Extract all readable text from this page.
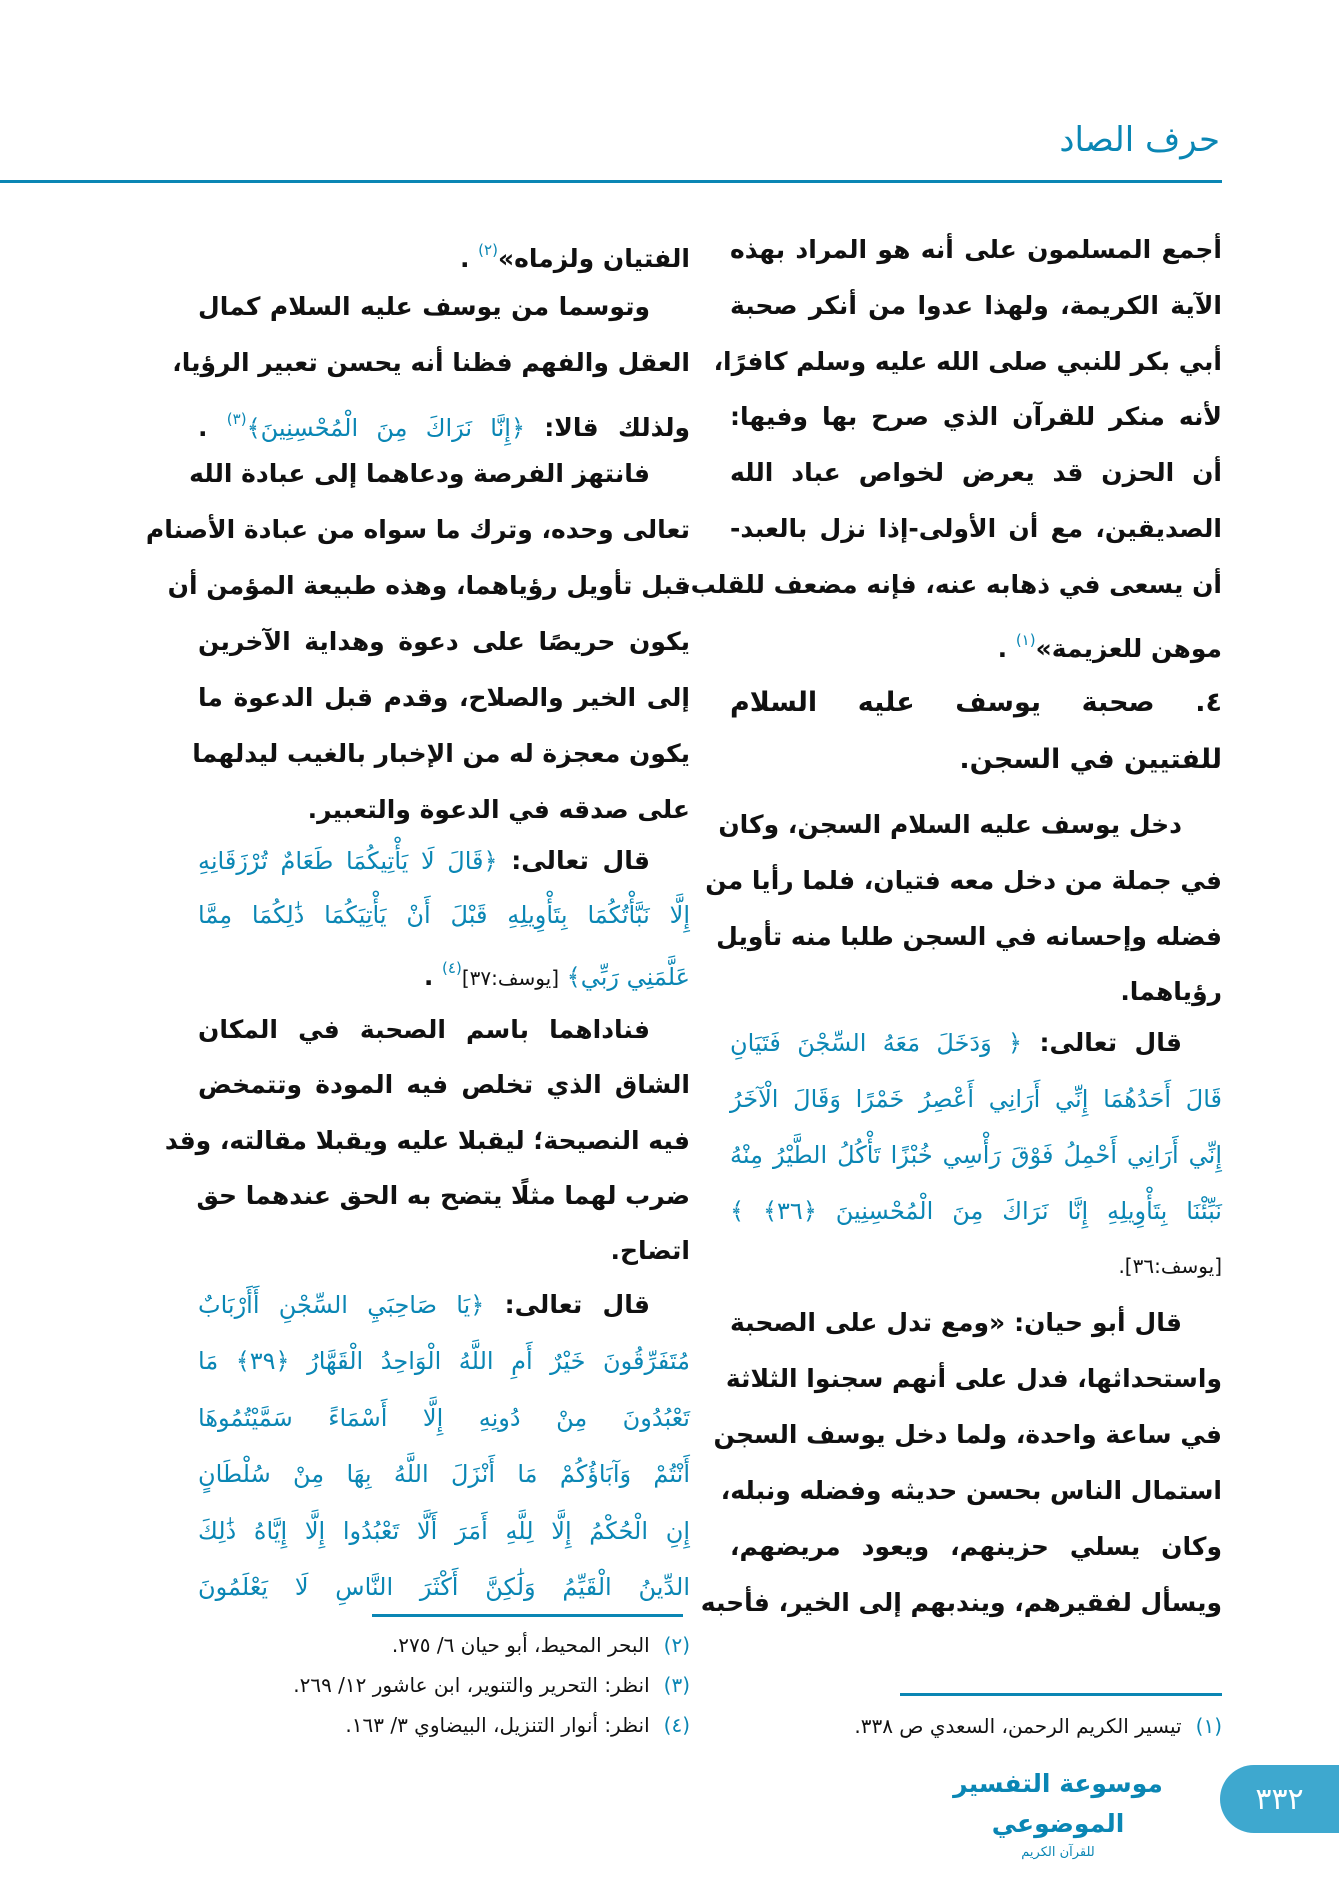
حرف الصاد
أجمع المسلمون على أنه هو المراد بهذه
الآية الكريمة، ولهذا عدوا من أنكر صحبة
أبي بكر للنبي صلى الله عليه وسلم كافرًا،
لأنه منكر للقرآن الذي صرح بها وفيها:
أن الحزن قد يعرض لخواص عباد الله
الصديقين، مع أن الأولى-إذا نزل بالعبد-
أن يسعى في ذهابه عنه، فإنه مضعف للقلب،
موهن للعزيمة»$^{(١)}$ .
٤. صحبة يوسف عليه السلام
للفتيين في السجن.
دخل يوسف عليه السلام السجن، وكان
في جملة من دخل معه فتيان، فلما رأيا من
فضله وإحسانه في السجن طلبا منه تأويل
رؤياهما.
قال تعالى: ﴿ وَدَخَلَ مَعَهُ السِّجْنَ فَتَيَانِ
قَالَ أَحَدُهُمَا إِنِّي أَرَانِي أَعْصِرُ خَمْرًا وَقَالَ الْآخَرُ
إِنِّي أَرَانِي أَحْمِلُ فَوْقَ رَأْسِي خُبْزًا تَأْكُلُ الطَّيْرُ مِنْهُ
نَبِّئْنَا بِتَأْوِيلِهِ إِنَّا نَرَاكَ مِنَ الْمُحْسِنِينَ ﴿٣٦﴾ ﴾
[يوسف:٣٦].
قال أبو حيان: «ومع تدل على الصحبة
واستحداثها، فدل على أنهم سجنوا الثلاثة
في ساعة واحدة، ولما دخل يوسف السجن
استمال الناس بحسن حديثه وفضله ونبله،
وكان يسلي حزينهم، ويعود مريضهم،
ويسأل لفقيرهم، ويندبهم إلى الخير، فأحبه
(١)تيسير الكريم الرحمن، السعدي ص ٣٣٨.
الفتيان ولزماه»$^{(٢)}$ .
وتوسما من يوسف عليه السلام كمال
العقل والفهم فظنا أنه يحسن تعبير الرؤيا،
ولذلك قالا: ﴿إِنَّا نَرَاكَ مِنَ الْمُحْسِنِينَ﴾$^{(٣)}$ .
فانتهز الفرصة ودعاهما إلى عبادة الله
تعالى وحده، وترك ما سواه من عبادة الأصنام
قبل تأويل رؤياهما، وهذه طبيعة المؤمن أن
يكون حريصًا على دعوة وهداية الآخرين
إلى الخير والصلاح، وقدم قبل الدعوة ما
يكون معجزة له من الإخبار بالغيب ليدلهما
على صدقه في الدعوة والتعبير.
قال تعالى: ﴿قَالَ لَا يَأْتِيكُمَا طَعَامٌ تُرْزَقَانِهِ
إِلَّا نَبَّأْتُكُمَا بِتَأْوِيلِهِ قَبْلَ أَنْ يَأْتِيَكُمَا ذَٰلِكُمَا مِمَّا
عَلَّمَنِي رَبِّي﴾ [يوسف:٣٧]$^{(٤)}$ .
فناداهما باسم الصحبة في المكان
الشاق الذي تخلص فيه المودة وتتمخض
فيه النصيحة؛ ليقبلا عليه ويقبلا مقالته، وقد
ضرب لهما مثلًا يتضح به الحق عندهما حق
اتضاح.
قال تعالى: ﴿يَا صَاحِبَيِ السِّجْنِ أَأَرْبَابٌ
مُتَفَرِّقُونَ خَيْرٌ أَمِ اللَّهُ الْوَاحِدُ الْقَهَّارُ ﴿٣٩﴾ مَا
تَعْبُدُونَ مِنْ دُونِهِ إِلَّا أَسْمَاءً سَمَّيْتُمُوهَا
أَنْتُمْ وَآبَاؤُكُمْ مَا أَنْزَلَ اللَّهُ بِهَا مِنْ سُلْطَانٍ
إِنِ الْحُكْمُ إِلَّا لِلَّهِ أَمَرَ أَلَّا تَعْبُدُوا إِلَّا إِيَّاهُ ذَٰلِكَ
الدِّينُ الْقَيِّمُ وَلَٰكِنَّ أَكْثَرَ النَّاسِ لَا يَعْلَمُونَ
(٢)البحر المحيط، أبو حيان ٦/ ٢٧٥.
(٣)انظر: التحرير والتنوير، ابن عاشور ١٢/ ٢٦٩.
(٤)انظر: أنوار التنزيل، البيضاوي ٣/ ١٦٣.
موسوعة التفسير الموضوعي
للقرآن الكريم
٣٣٢
